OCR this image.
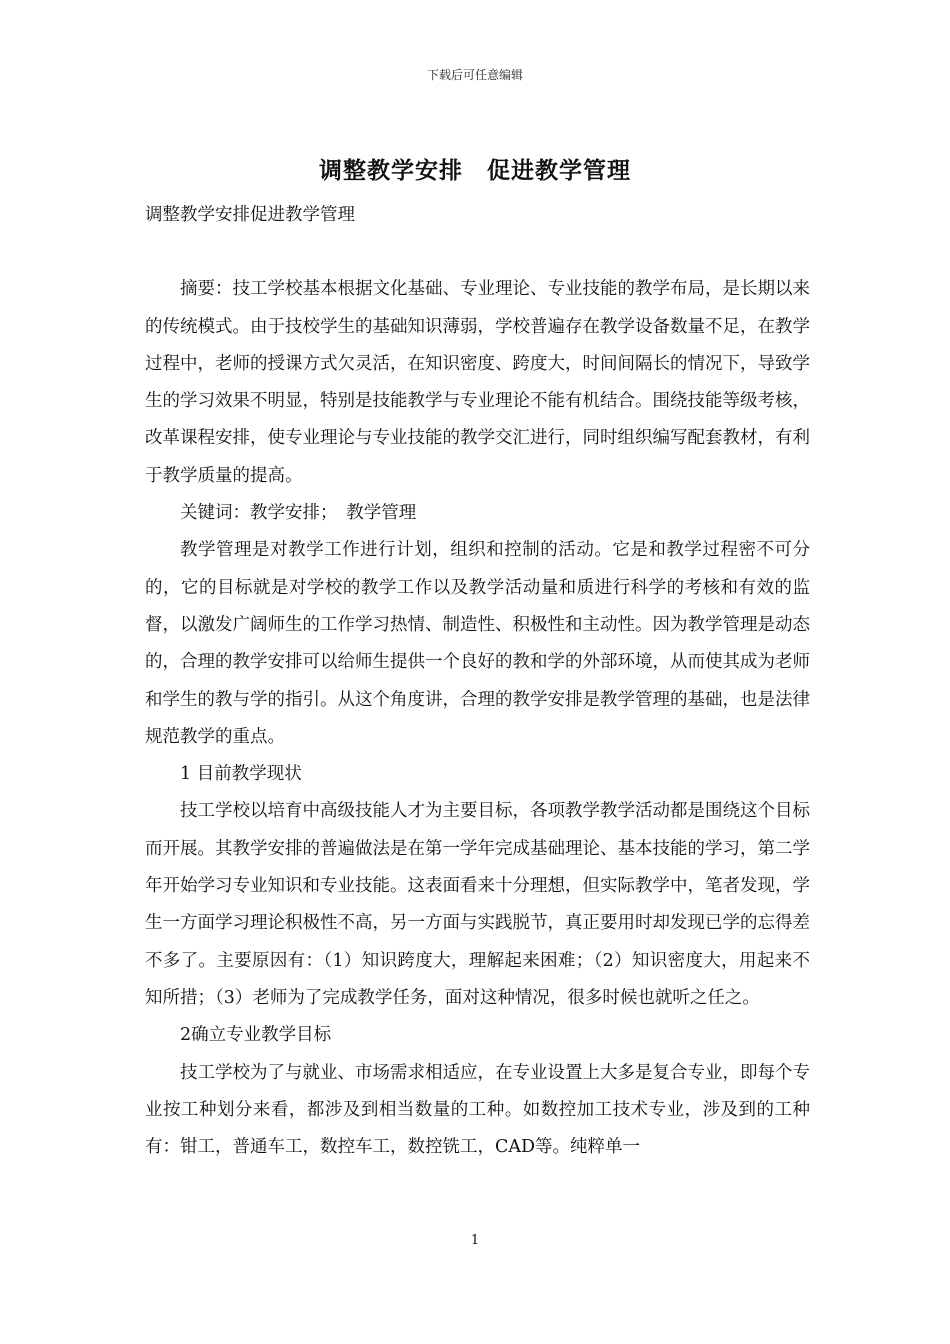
下载后可任意编辑
调整教学安排　促进教学管理

调整教学安排促进教学管理

摘要：技工学校基本根据文化基础、专业理论、专业技能的教学布局，是长期以来的传统模式。由于技校学生的基础知识薄弱，学校普遍存在教学设备数量不足，在教学过程中，老师的授课方式欠灵活，在知识密度、跨度大，时间间隔长的情况下，导致学生的学习效果不明显，特别是技能教学与专业理论不能有机结合。围绕技能等级考核，改革课程安排，使专业理论与专业技能的教学交汇进行，同时组织编写配套教材，有利于教学质量的提高。

关键词：教学安排；　教学管理

教学管理是对教学工作进行计划，组织和控制的活动。它是和教学过程密不可分的，它的目标就是对学校的教学工作以及教学活动量和质进行科学的考核和有效的监督，以激发广阔师生的工作学习热情、制造性、积极性和主动性。因为教学管理是动态的，合理的教学安排可以给师生提供一个良好的教和学的外部环境，从而使其成为老师和学生的教与学的指引。从这个角度讲，合理的教学安排是教学管理的基础，也是法律规范教学的重点。

1 目前教学现状

技工学校以培育中高级技能人才为主要目标，各项教学教学活动都是围绕这个目标而开展。其教学安排的普遍做法是在第一学年完成基础理论、基本技能的学习，第二学年开始学习专业知识和专业技能。这表面看来十分理想，但实际教学中，笔者发现，学生一方面学习理论积极性不高，另一方面与实践脱节，真正要用时却发现已学的忘得差不多了。主要原因有：（1）知识跨度大，理解起来困难；（2）知识密度大，用起来不知所措；（3）老师为了完成教学任务，面对这种情况，很多时候也就听之任之。

2确立专业教学目标

技工学校为了与就业、市场需求相适应，在专业设置上大多是复合专业，即每个专业按工种划分来看，都涉及到相当数量的工种。如数控加工技术专业，涉及到的工种有：钳工，普通车工，数控车工，数控铣工，CAD等。纯粹单一

1
